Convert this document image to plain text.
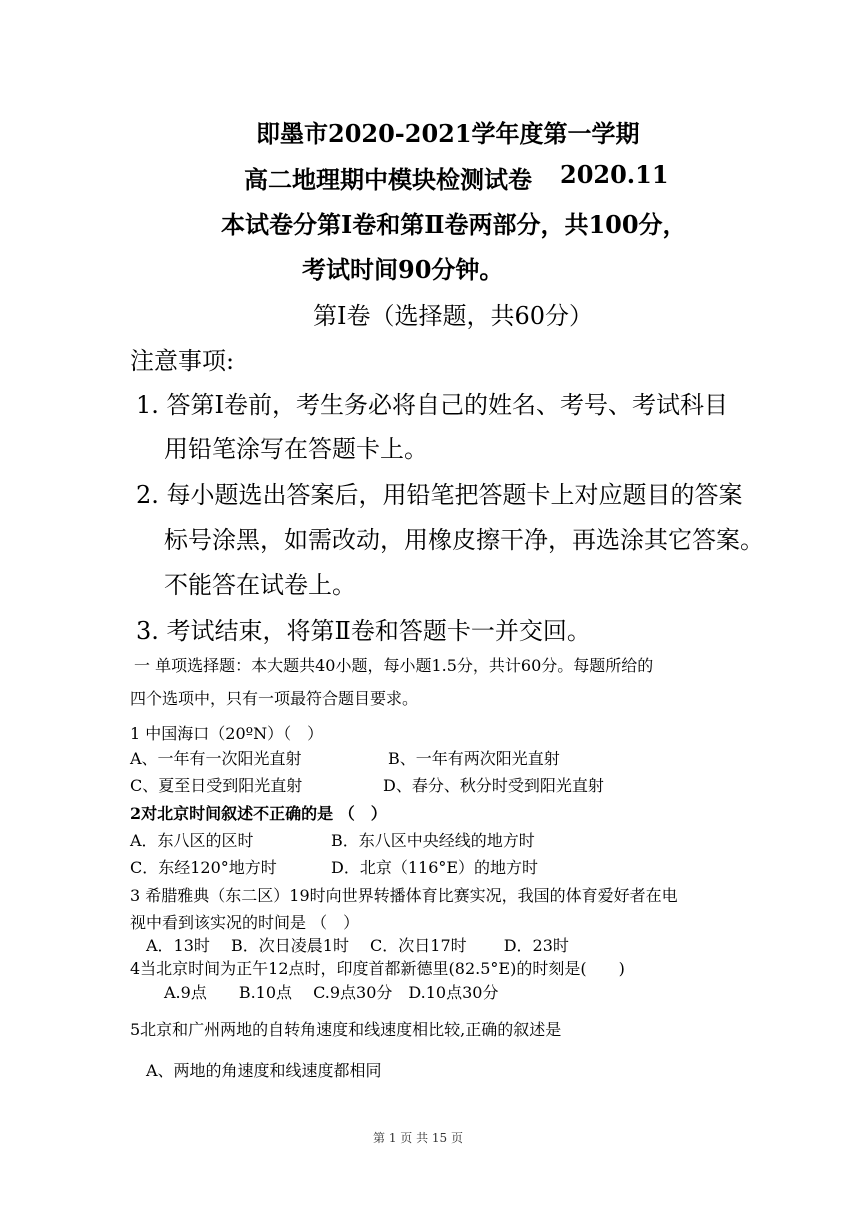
即墨市2020-2021学年度第一学期
高二地理期中模块检测试卷 2020.11
本试卷分第Ⅰ卷和第Ⅱ卷两部分，共100分，
考试时间90分钟。
第Ⅰ卷（选择题，共60分）
注意事项:
1. 答第Ⅰ卷前，考生务必将自己的姓名、考号、考试科目
用铅笔涂写在答题卡上。
2. 每小题选出答案后，用铅笔把答题卡上对应题目的答案
标号涂黑，如需改动，用橡皮擦干净，再选涂其它答案。
不能答在试卷上。
3. 考试结束，将第Ⅱ卷和答题卡一并交回。
一 单项选择题：本大题共40小题，每小题1.5分，共计60分。每题所给的
四个选项中，只有一项最符合题目要求。
1 中国海口（20ºN）（　）
A、一年有一次阳光直射	B、一年有两次阳光直射
C、夏至日受到阳光直射	D、春分、秋分时受到阳光直射
2对北京时间叙述不正确的是 （　）
A．东八区的区时	B．东八区中央经线的地方时
C．东经120°地方时	D．北京（116°E）的地方时
3 希腊雅典（东二区）19时向世界转播体育比赛实况，我国的体育爱好者在电
视中看到该实况的时间是 （　）
A．13时　 B．次日凌晨1时　 C．次日17时　　 D．23时
4当北京时间为正午12点时，印度首都新德里(82.5°E)的时刻是(　　)
A.9点　　B.10点　 C.9点30分　D.10点30分
5北京和广州两地的自转角速度和线速度相比较,正确的叙述是
A、两地的角速度和线速度都相同
第 1 页 共 15 页
